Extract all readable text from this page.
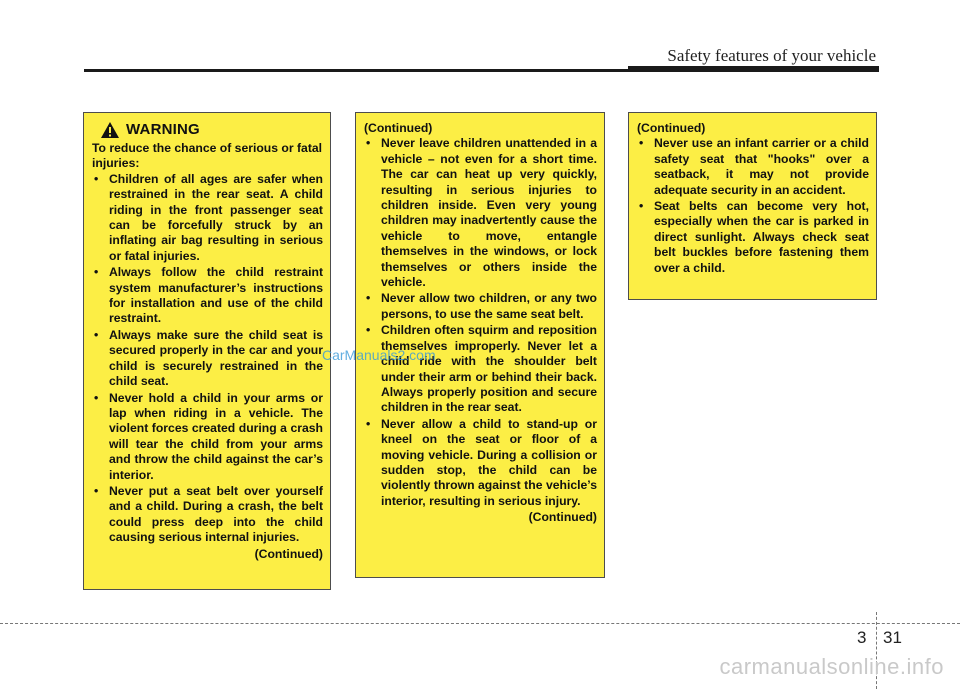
Safety features of your vehicle
WARNING

To reduce the chance of serious or fatal injuries:

• Children of all ages are safer when restrained in the rear seat. A child riding in the front passenger seat can be forcefully struck by an inflating air bag resulting in serious or fatal injuries.
• Always follow the child restraint system manufacturer’s instructions for installation and use of the child restraint.
• Always make sure the child seat is secured properly in the car and your child is securely restrained in the child seat.
• Never hold a child in your arms or lap when riding in a vehicle. The violent forces created during a crash will tear the child from your arms and throw the child against the car’s interior.
• Never put a seat belt over yourself and a child. During a crash, the belt could press deep into the child causing serious internal injuries.
(Continued)

(Continued)

• Never leave children unattended in a vehicle – not even for a short time. The car can heat up very quickly, resulting in serious injuries to children inside. Even very young children may inadvertently cause the vehicle to move, entangle themselves in the windows, or lock themselves or others inside the vehicle.
• Never allow two children, or any two persons, to use the same seat belt.
• Children often squirm and reposition themselves improperly. Never let a child ride with the shoulder belt under their arm or behind their back. Always properly position and secure children in the rear seat.
• Never allow a child to stand-up or kneel on the seat or floor of a moving vehicle. During a collision or sudden stop, the child can be violently thrown against the vehicle’s interior, resulting in serious injury.
(Continued)

(Continued)

• Never use an infant carrier or a child safety seat that "hooks" over a seatback, it may not provide adequate security in an accident.
• Seat belts can become very hot, especially when the car is parked in direct sunlight. Always check seat belt buckles before fastening them over a child.
CarManuals2.com
3 31
carmanualsonline.info
